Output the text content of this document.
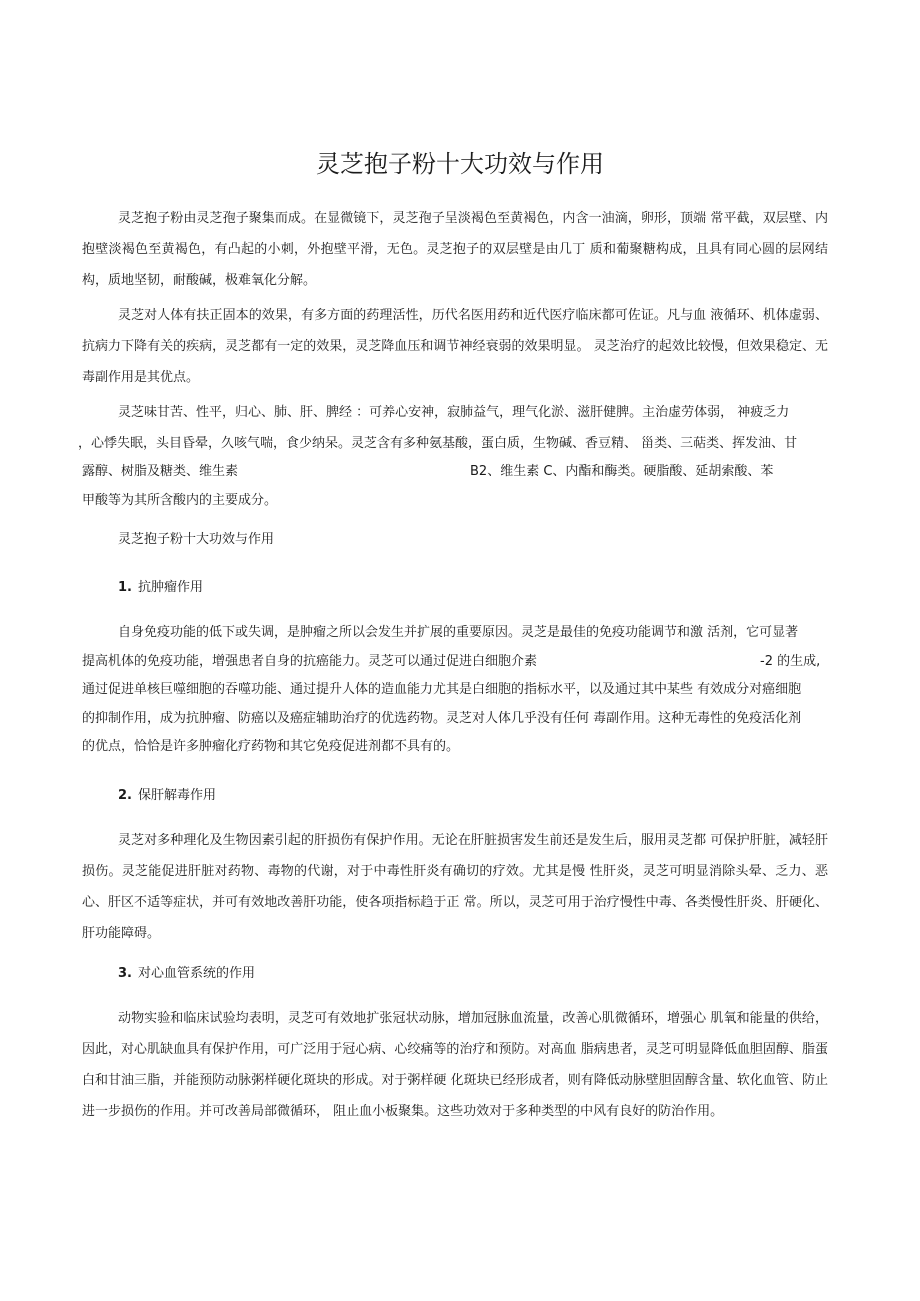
灵芝抱子粉十大功效与作用

灵芝抱子粉由灵芝孢子聚集而成。在显微镜下，灵芝孢子呈淡褐色至黄褐色，内含一油滴，卵形，顶端 常平截，双层壁、内抱壁淡褐色至黄褐色，有凸起的小刺，外抱壁平滑，无色。灵芝抱子的双层壁是由几丁 质和葡聚糖构成，且具有同心圆的层网结构，质地坚韧，耐酸碱，极难氧化分解。

灵芝对人体有扶正固本的效果，有多方面的药理活性，历代名医用药和近代医疗临床都可佐证。凡与血 液循环、机体虚弱、抗病力下降有关的疾病，灵芝都有一定的效果，灵芝降血压和调节神经衰弱的效果明显。 灵芝治疗的起效比较慢，但效果稳定、无毒副作用是其优点。

灵芝味甘苦、性平，归心、肺、肝、脾经 ：可养心安神，寂肺益气，理气化淤、滋肝健脾。主治虚劳体弱， 神疲乏力

，心悸失眠，头目昏晕，久咳气喘，食少纳呆。灵芝含有多种氨基酸，蛋白质，生物碱、香豆精、 甾类、三萜类、挥发油、甘

露醇、树脂及糖类、维生素	B2、维生素 C、内酯和酶类。硬脂酸、延胡索酸、苯

甲酸等为其所含酸内的主要成分。

灵芝抱子粉十大功效与作用

1. 抗肿瘤作用

自身免疫功能的低下或失调，是肿瘤之所以会发生并扩展的重要原因。灵芝是最佳的免疫功能调节和激 活剂，它可显著

提高机体的免疫功能，增强患者自身的抗癌能力。灵芝可以通过促进白细胞介素	-2 的生成,

通过促进单核巨噬细胞的吞噬功能、通过提升人体的造血能力尤其是白细胞的指标水平，以及通过其中某些 有效成分对癌细胞

的抑制作用，成为抗肿瘤、防癌以及癌症辅助治疗的优选药物。灵芝对人体几乎没有任何 毒副作用。这种无毒性的免疫活化剂

的优点，恰恰是许多肿瘤化疗药物和其它免疫促进剂都不具有的。

2. 保肝解毒作用

灵芝对多种理化及生物因素引起的肝损伤有保护作用。无论在肝脏损害发生前还是发生后，服用灵芝都 可保护肝脏，减轻肝损伤。灵芝能促进肝脏对药物、毒物的代谢，对于中毒性肝炎有确切的疗效。尤其是慢 性肝炎，灵芝可明显消除头晕、乏力、恶心、肝区不适等症状，并可有效地改善肝功能，使各项指标趋于正 常。所以，灵芝可用于治疗慢性中毒、各类慢性肝炎、肝硬化、肝功能障碍。

3. 对心血管系统的作用

动物实验和临床试验均表明，灵芝可有效地扩张冠状动脉，增加冠脉血流量，改善心肌微循环，增强心 肌氧和能量的供给，因此，对心肌缺血具有保护作用，可广泛用于冠心病、心绞痛等的治疗和预防。对高血 脂病患者，灵芝可明显降低血胆固醇、脂蛋白和甘油三脂，并能预防动脉粥样硬化斑块的形成。对于粥样硬 化斑块已经形成者，则有降低动脉壁胆固醇含量、软化血管、防止进一步损伤的作用。并可改善局部微循环， 阻止血小板聚集。这些功效对于多种类型的中风有良好的防治作用。
